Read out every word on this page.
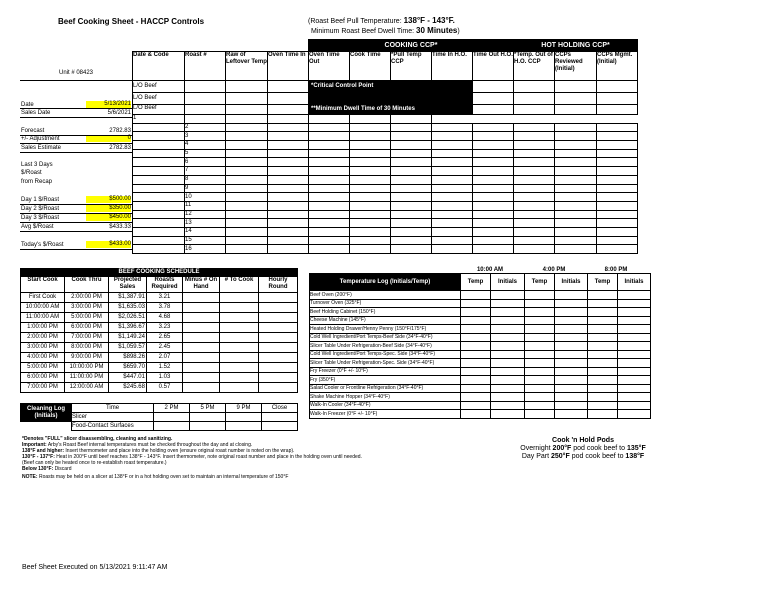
Beef Cooking Sheet - HACCP Controls	(Roast Beef Pull Temperature: 138°F - 143°F.
Minimum Roast Beef Dwell Time: 30 Minutes)
Unit # 08423
Date	5/13/2021
Sales Date	5/6/2021
Forecast	2782.83
+/- Adjustment	0
Sales Estimate	2782.83
Last 3 Days
$/Roast
from Recap
Day 1 $/Roast	$500.00
Day 2 $/Roast	$350.00
Day 3 $/Roast	$450.00
Avg $/Roast	$433.33
Today's $/Roast	$433.00
				COOKING CCP*					HOT HOLDING CCP*		
Date & Code	Roast #	Raw of Leftover Temp	Oven Time In	Oven Time Out	Cook Time	*Pull Temp CCP	Time In H.O.	Time Out H.O.	*Temp. Out of H.O. CCP	CCPs Reviewed (Initial)	CCPs Mgmt. (Initial)
L/O Beef				*Critical Control Point							
L/O Beef											
L/O Beef				**Minimum Dwell Time of 30 Minutes							
1											
	2										
	3										
	4										
	5										
	6										
	7										
	8										
	9										
	10										
	11										
	12										
	13										
	14										
	15										
	16										
BEEF COOKING SCHEDULE						
Start Cook	Cook Thru	Projected Sales	Roasts Required	Minus # On Hand	# To Cook	Hourly Round
First Cook	2:00:00 PM	$1,387.91	3.21			
10:00:00 AM	3:00:00 PM	$1,635.03	3.78			
11:00:00 AM	5:00:00 PM	$2,026.51	4.68			
1:00:00 PM	6:00:00 PM	$1,396.67	3.23			
2:00:00 PM	7:00:00 PM	$1,149.24	2.65			
3:00:00 PM	8:00:00 PM	$1,059.57	2.45			
4:00:00 PM	9:00:00 PM	$898.26	2.07			
5:00:00 PM	10:00:00 PM	$659.70	1.52			
6:00:00 PM	11:00:00 PM	$447.01	1.03			
7:00:00 PM	12:00:00 AM	$245.68	0.57			
Cleaning Log (Initials)	Time	2 PM	5 PM	9 PM	Close
	Slicer				
	Food-Contact Surfaces				
10:00 AM	4:00 PM	8:00 PM
Temperature Log (Initials/Temp)	Temp	Initials	Temp	Initials	Temp	Initials
Beef Oven (200°F)						
Turnover Oven (325°F)						
Beef Holding Cabinet (150°F)						
Cheese Machine (145°F)						
Heated Holding Drawer/Henny Penny (150°F/175°F)						
Cold Well Ingredient/Port Temps-Beef Side (34°F-40°F)						
Slicer Table Under Refrigeration-Beef Side (34°F-40°F)						
Cold Well Ingredient/Port Temps-Spec. Side (34°F-40°F)						
Slicer Table Under Refrigeration-Spec. Side (34°F-40°F)						
Fry Freezer (0°F +/- 10°F)						
Fry (350°F)						
Salad Cooler or Frontline Refrigeration (34°F-40°F)						
Shake Machine Hopper (34°F-40°F)						
Walk-In Cooler (34°F-40°F)						
Walk-In Freezer (0°F +/- 10°F)						
*Denotes "FULL" slicer disassembling, cleaning and sanitizing.
Important: Arby's Roast Beef internal temperatures must be checked throughout the day and at closing.
138°F and higher: Insert thermometer and place into the holding oven (ensure original roast number is noted on the wrap).
130°F - 137°F: Heat in 200°F until beef reaches 138°F - 143°F. Insert thermometer, note original roast number and place in the holding oven until needed.
(Beef can only be heated once to re-establish roast temperature.)
Below 130°F: Discard
NOTE: Roasts may be held on a slicer at 138°F or in a hot holding oven set to maintain an internal temperature of 150°F
Cook 'n Hold Pods
Overnight 200°F pod cook beef to 135°F
Day Part 250°F pod cook beef to 138°F
Beef Sheet Executed on 5/13/2021 9:11:47 AM
